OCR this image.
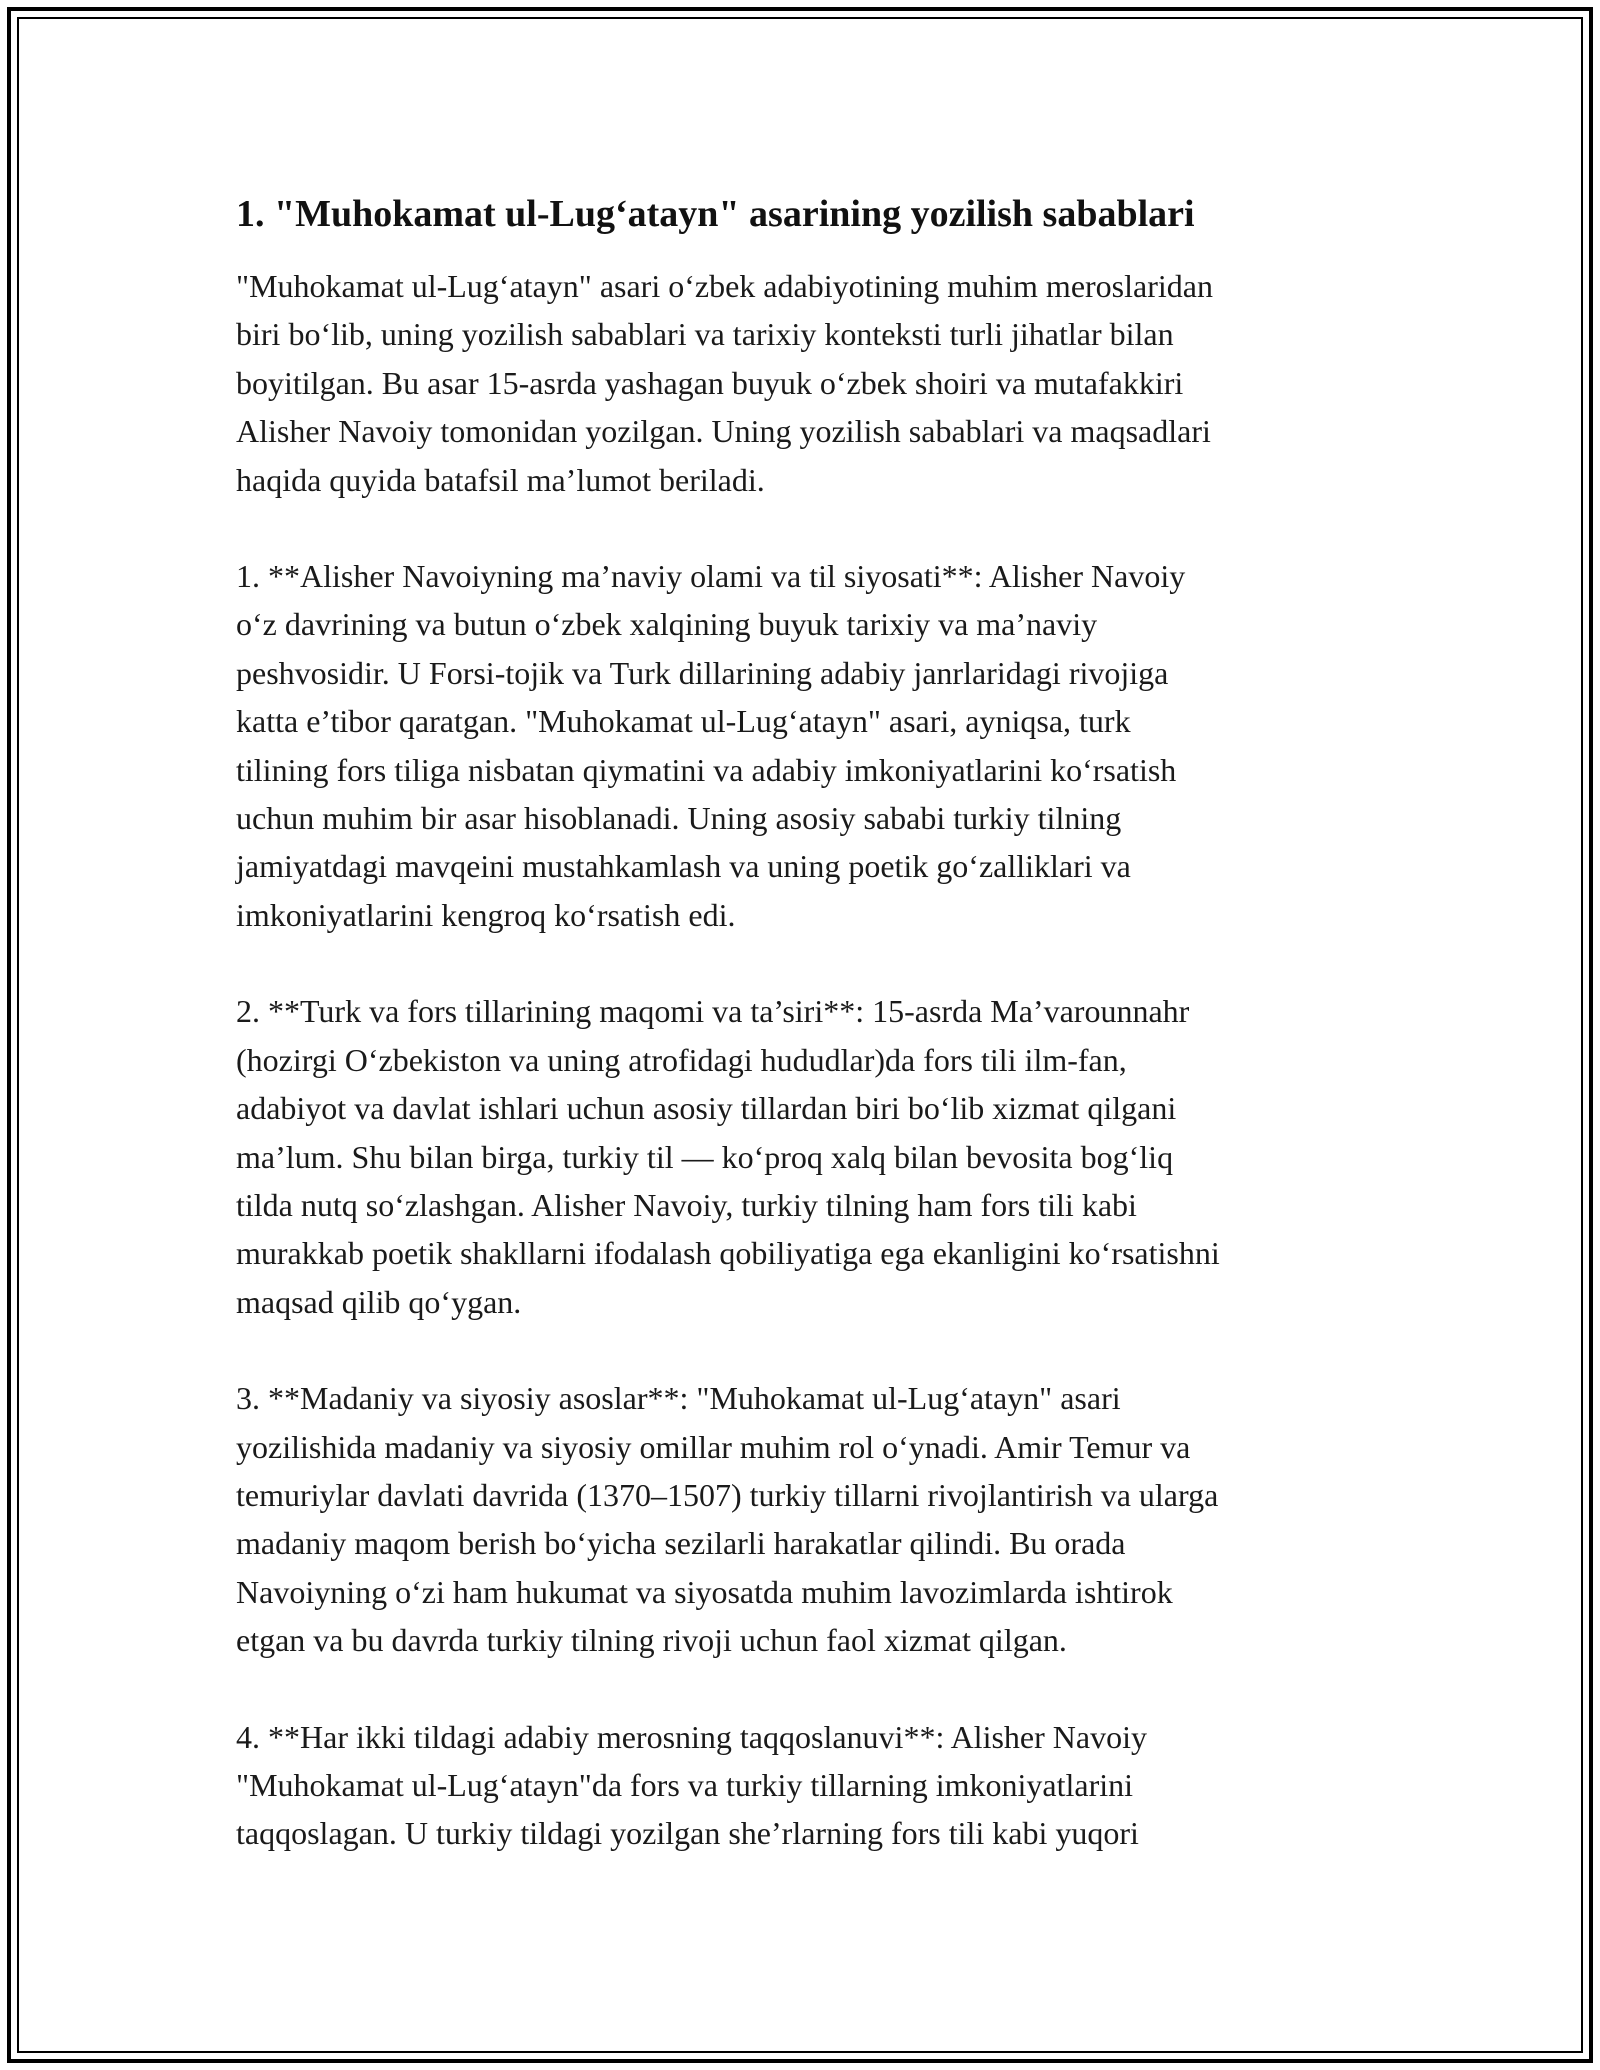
1. "Muhokamat ul-Lug‘atayn" asarining yozilish sabablari
"Muhokamat ul-Lug‘atayn" asari o‘zbek adabiyotining muhim meroslaridan
biri bo‘lib, uning yozilish sabablari va tarixiy konteksti turli jihatlar bilan
boyitilgan. Bu asar 15-asrda yashagan buyuk o‘zbek shoiri va mutafakkiri
Alisher Navoiy tomonidan yozilgan. Uning yozilish sabablari va maqsadlari
haqida quyida batafsil ma’lumot beriladi.
1. **Alisher Navoiyning ma’naviy olami va til siyosati**: Alisher Navoiy
o‘z davrining va butun o‘zbek xalqining buyuk tarixiy va ma’naviy
peshvosidir. U Forsi-tojik va Turk dillarining adabiy janrlaridagi rivojiga
katta e’tibor qaratgan. "Muhokamat ul-Lug‘atayn" asari, ayniqsa, turk
tilining fors tiliga nisbatan qiymatini va adabiy imkoniyatlarini ko‘rsatish
uchun muhim bir asar hisoblanadi. Uning asosiy sababi turkiy tilning
jamiyatdagi mavqeini mustahkamlash va uning poetik go‘zalliklari va
imkoniyatlarini kengroq ko‘rsatish edi.
2. **Turk va fors tillarining maqomi va ta’siri**: 15-asrda Ma’varounnahr
(hozirgi O‘zbekiston va uning atrofidagi hududlar)da fors tili ilm-fan,
adabiyot va davlat ishlari uchun asosiy tillardan biri bo‘lib xizmat qilgani
ma’lum. Shu bilan birga, turkiy til — ko‘proq xalq bilan bevosita bog‘liq
tilda nutq so‘zlashgan. Alisher Navoiy, turkiy tilning ham fors tili kabi
murakkab poetik shakllarni ifodalash qobiliyatiga ega ekanligini ko‘rsatishni
maqsad qilib qo‘ygan.
3. **Madaniy va siyosiy asoslar**: "Muhokamat ul-Lug‘atayn" asari
yozilishida madaniy va siyosiy omillar muhim rol o‘ynadi. Amir Temur va
temuriylar davlati davrida (1370–1507) turkiy tillarni rivojlantirish va ularga
madaniy maqom berish bo‘yicha sezilarli harakatlar qilindi. Bu orada
Navoiyning o‘zi ham hukumat va siyosatda muhim lavozimlarda ishtirok
etgan va bu davrda turkiy tilning rivoji uchun faol xizmat qilgan.
4. **Har ikki tildagi adabiy merosning taqqoslanuvi**: Alisher Navoiy
"Muhokamat ul-Lug‘atayn"da fors va turkiy tillarning imkoniyatlarini
taqqoslagan. U turkiy tildagi yozilgan she’rlarning fors tili kabi yuqori
